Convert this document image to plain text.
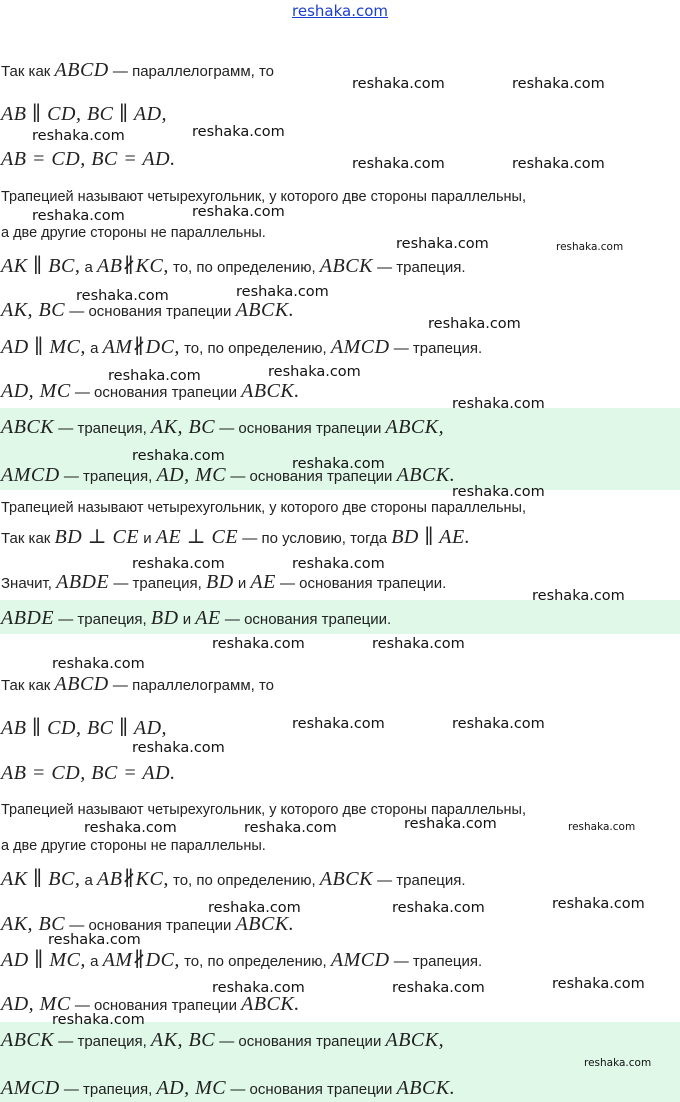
reshaka.com
Так как ABCD — параллелограмм, то
AB ∥ CD, BC ∥ AD,
AB = CD, BC = AD.
Трапецией называют четырехугольник, у которого две стороны параллельны,
а две другие стороны не параллельны.
AK ∥ BC, а AB∦KC, то, по определению, ABCK — трапеция.
AK, BC — основания трапеции ABCK.
AD ∥ MC, а AM∦DC, то, по определению, AMCD — трапеция.
AD, MC — основания трапеции ABCK.
ABCK — трапеция, AK, BC — основания трапеции ABCK,
AMCD — трапеция, AD, MC — основания трапеции ABCK.
Трапецией называют четырехугольник, у которого две стороны параллельны,
Так как BD ⊥ CE и AE ⊥ CE — по условию, тогда BD ∥ AE.
Значит, ABDE — трапеция, BD и AE — основания трапеции.
ABDE — трапеция, BD и AE — основания трапеции.
Так как ABCD — параллелограмм, то
AB ∥ CD, BC ∥ AD,
AB = CD, BC = AD.
Трапецией называют четырехугольник, у которого две стороны параллельны,
а две другие стороны не параллельны.
AK ∥ BC, а AB∦KC, то, по определению, ABCK — трапеция.
AK, BC — основания трапеции ABCK.
AD ∥ MC, а AM∦DC, то, по определению, AMCD — трапеция.
AD, MC — основания трапеции ABCK.
ABCK — трапеция, AK, BC — основания трапеции ABCK,
AMCD — трапеция, AD, MC — основания трапеции ABCK.
reshaka.com	reshaka.com
reshaka.com	reshaka.com
reshaka.com	reshaka.com
reshaka.com	reshaka.com
reshaka.com	reshaka.com
reshaka.com	reshaka.com
reshaka.com
reshaka.com	reshaka.com
reshaka.com
reshaka.com	reshaka.com
reshaka.com
reshaka.com	reshaka.com
reshaka.com
reshaka.com	reshaka.com
reshaka.com
reshaka.com	reshaka.com
reshaka.com
reshaka.com	reshaka.com	reshaka.com	reshaka.com
reshaka.com	reshaka.com	reshaka.com
reshaka.com
reshaka.com	reshaka.com	reshaka.com
reshaka.com
reshaka.com
